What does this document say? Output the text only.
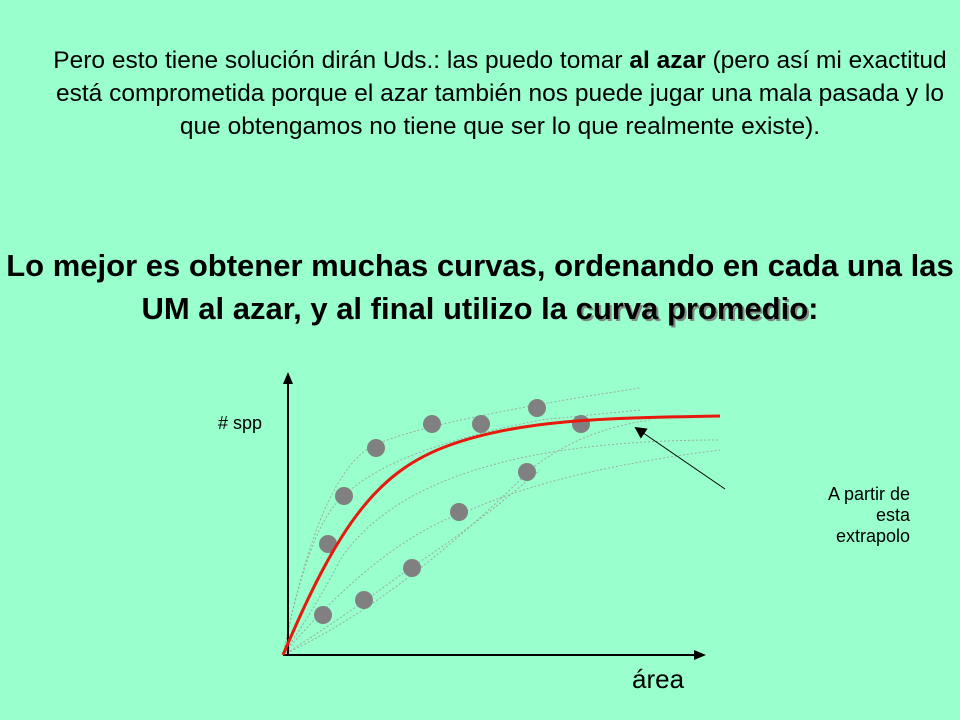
Pero esto tiene solución dirán Uds.: las puedo tomar al azar (pero así mi exactitud está comprometida porque el azar también nos puede jugar una mala pasada y lo que obtengamos no tiene que ser lo que realmente existe).
Lo mejor es obtener muchas curvas, ordenando en cada una las UM al azar, y al final utilizo la curva promedio:
# spp
área
A partir de
esta
extrapolo
